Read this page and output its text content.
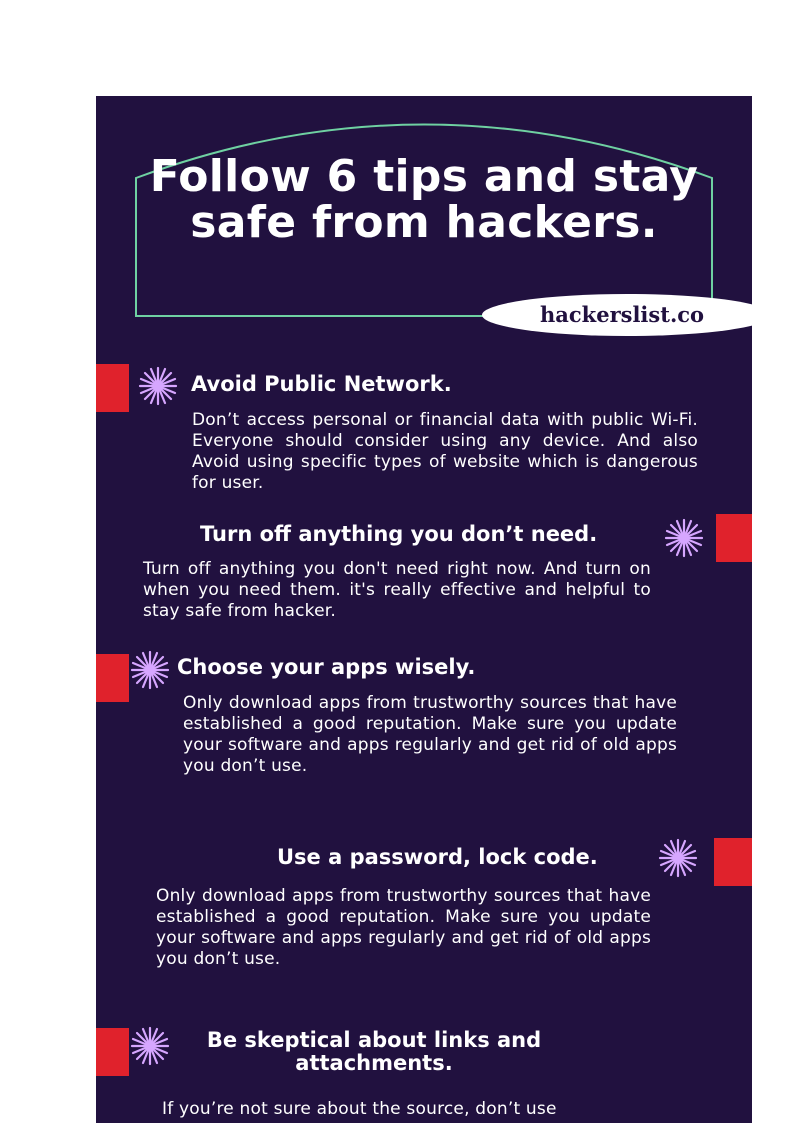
Follow 6 tips and stay safe from hackers.
hackerslist.co
Avoid Public Network.

Don’t access personal or financial data with public Wi-Fi. Everyone should consider using any device. And also Avoid using specific types of website which is dangerous for user.

Turn off anything you don’t need.

Turn off anything you don't need right now. And turn on when you need them. it's really effective and helpful to stay safe from hacker.

Choose your apps wisely.

Only download apps from trustworthy sources that have established a good reputation. Make sure you update your software and apps regularly and get rid of old apps you don’t use.

Use a password, lock code.

Only download apps from trustworthy sources that have established a good reputation. Make sure you update your software and apps regularly and get rid of old apps you don’t use.

Be skeptical about links and attachments.

If you’re not sure about the source, don’t use
